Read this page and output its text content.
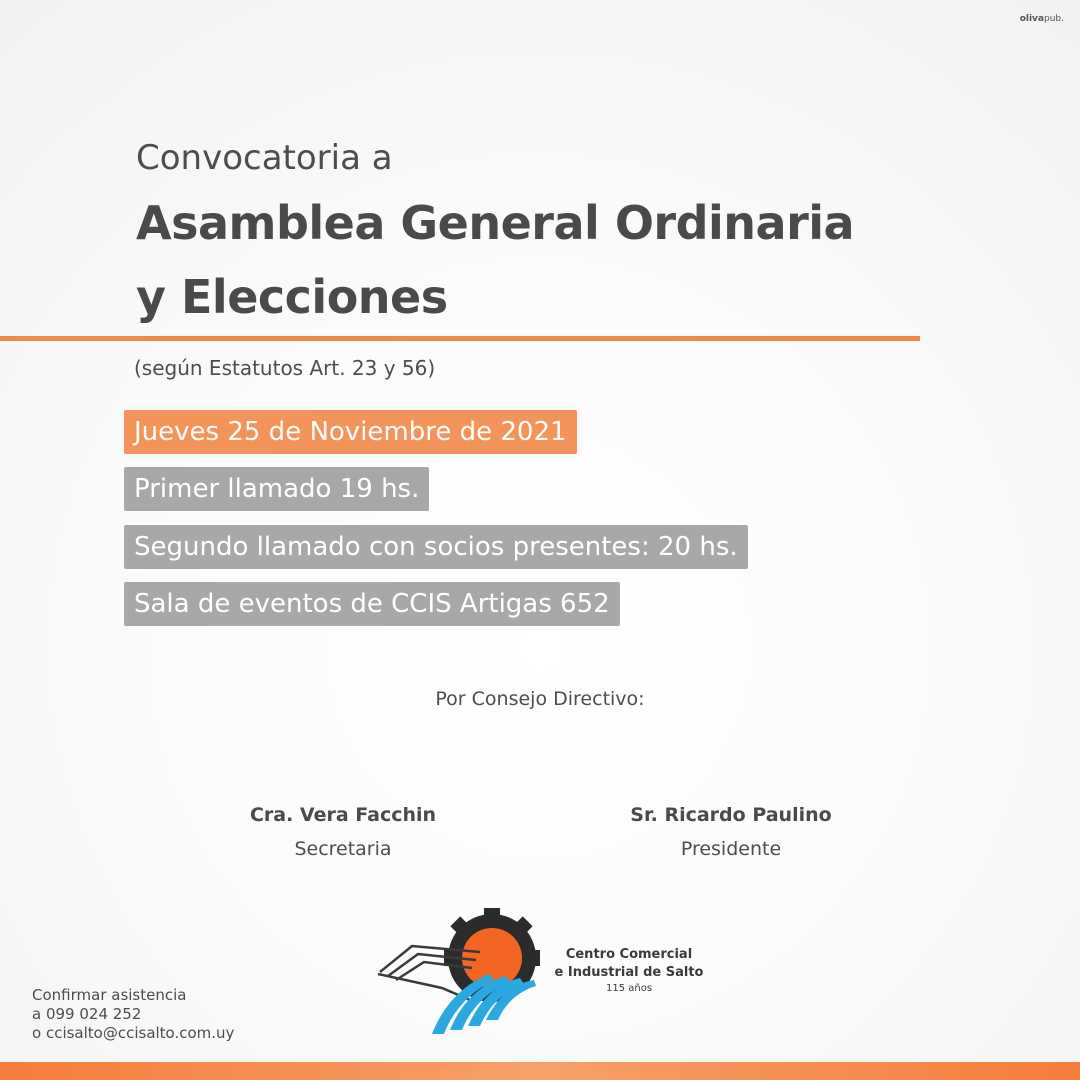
olivapub.
Convocatoria a
Asamblea General Ordinaria
y Elecciones
(según Estatutos Art. 23 y 56)
Jueves 25 de Noviembre de 2021
Primer llamado 19 hs.
Segundo llamado con socios presentes: 20 hs.
Sala de eventos de CCIS Artigas 652
Por Consejo Directivo:
Cra. Vera Facchin
Secretaria
Sr. Ricardo Paulino
Presidente
Centro Comercial
e Industrial de Salto
115 años
Confirmar asistencia
a 099 024 252
o ccisalto@ccisalto.com.uy
